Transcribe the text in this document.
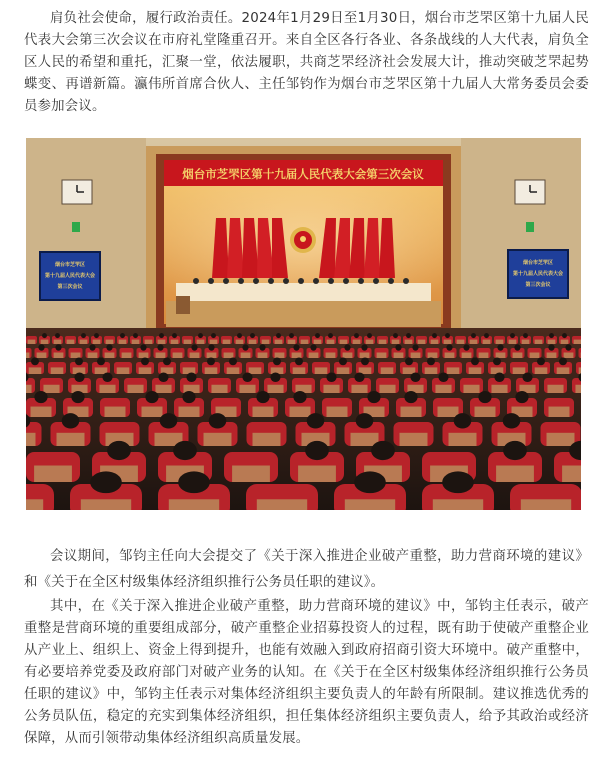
肩负社会使命，履行政治责任。2024年1月29日至1月30日，烟台市芝罘区第十九届人民代表大会第三次会议在市府礼堂隆重召开。来自全区各行各业、各条战线的人大代表，肩负全区人民的希望和重托，汇聚一堂，依法履职，共商芝罘经济社会发展大计，推动突破芝罘起势蝶变、再谱新篇。瀛伟所首席合伙人、主任邹钧作为烟台市芝罘区第十九届人大常务委员会委员参加会议。

烟台市芝罘区第十九届人民代表大会第三次会议
烟台市芝罘区
第十九届人民代表大会
第三次会议
烟台市芝罘区
第十九届人民代表大会
第三次会议

会议期间，邹钧主任向大会提交了《关于深入推进企业破产重整，助力营商环境的建议》和《关于在全区村级集体经济组织推行公务员任职的建议》。

其中，在《关于深入推进企业破产重整，助力营商环境的建议》中，邹钧主任表示，破产重整是营商环境的重要组成部分，破产重整企业招募投资人的过程，既有助于使破产重整企业从产业上、组织上、资金上得到提升，也能有效融入到政府招商引资大环境中。破产重整中，有必要培养党委及政府部门对破产业务的认知。在《关于在全区村级集体经济组织推行公务员任职的建议》中，邹钧主任表示对集体经济组织主要负责人的年龄有所限制。建议推选优秀的公务员队伍，稳定的充实到集体经济组织，担任集体经济组织主要负责人，给予其政治或经济保障，从而引领带动集体经济组织高质量发展。
